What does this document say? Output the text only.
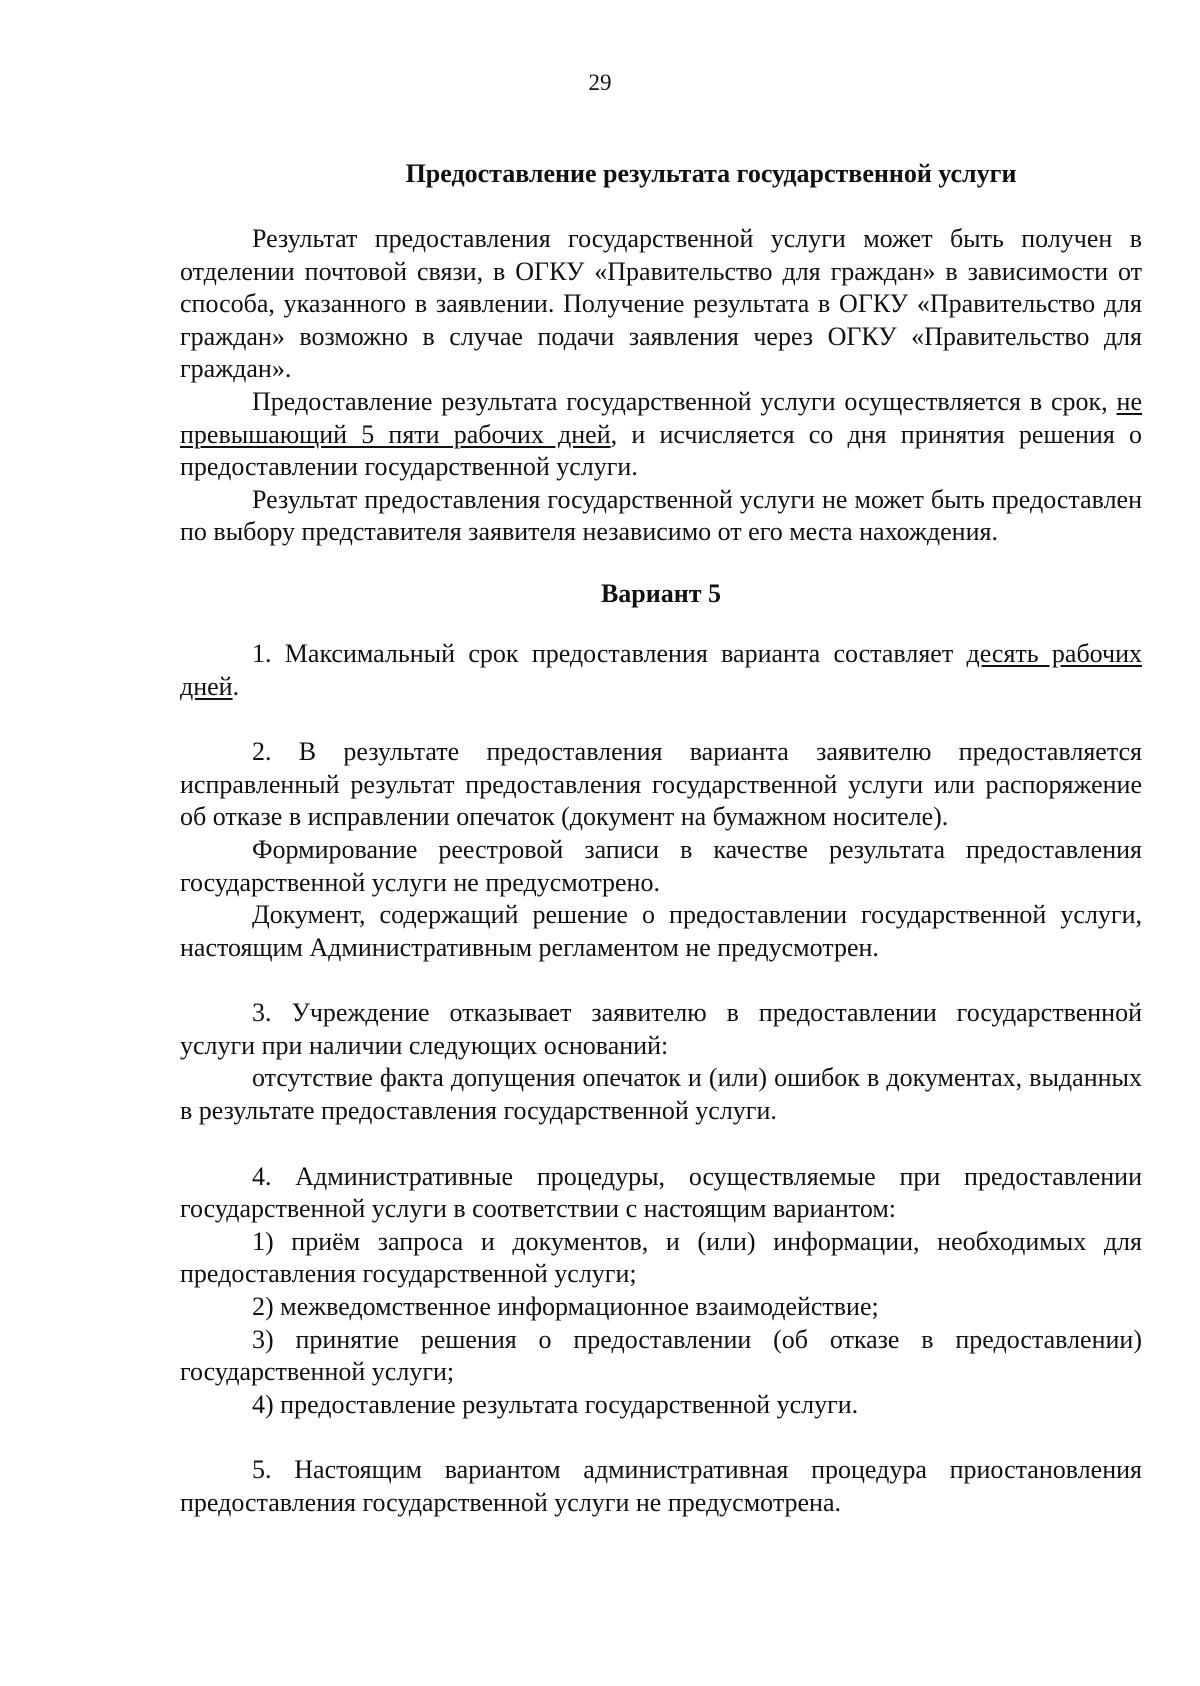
29
Предоставление результата государственной услуги

Результат предоставления государственной услуги может быть получен в отделении почтовой связи, в ОГКУ «Правительство для граждан» в зависимости от способа, указанного в заявлении. Получение результата в ОГКУ «Правительство для граждан» возможно в случае подачи заявления через ОГКУ «Правительство для граждан».

Предоставление результата государственной услуги осуществляется в срок, не превышающий 5 пяти рабочих дней, и исчисляется со дня принятия решения о предоставлении государственной услуги.

Результат предоставления государственной услуги не может быть предоставлен по выбору представителя заявителя независимо от его места нахождения.

Вариант 5

1. Максимальный срок предоставления варианта составляет десять рабочих дней.

2. В результате предоставления варианта заявителю предоставляется исправленный результат предоставления государственной услуги или распоряжение об отказе в исправлении опечаток (документ на бумажном носителе).

Формирование реестровой записи в качестве результата предоставления государственной услуги не предусмотрено.

Документ, содержащий решение о предоставлении государственной услуги, настоящим Административным регламентом не предусмотрен.

3. Учреждение отказывает заявителю в предоставлении государственной услуги при наличии следующих оснований:

отсутствие факта допущения опечаток и (или) ошибок в документах, выданных в результате предоставления государственной услуги.

4. Административные процедуры, осуществляемые при предоставлении государственной услуги в соответствии с настоящим вариантом:

1) приём запроса и документов, и (или) информации, необходимых для предоставления государственной услуги;

2) межведомственное информационное взаимодействие;

3) принятие решения о предоставлении (об отказе в предоставлении) государственной услуги;

4) предоставление результата государственной услуги.

5. Настоящим вариантом административная процедура приостановления предоставления государственной услуги не предусмотрена.
